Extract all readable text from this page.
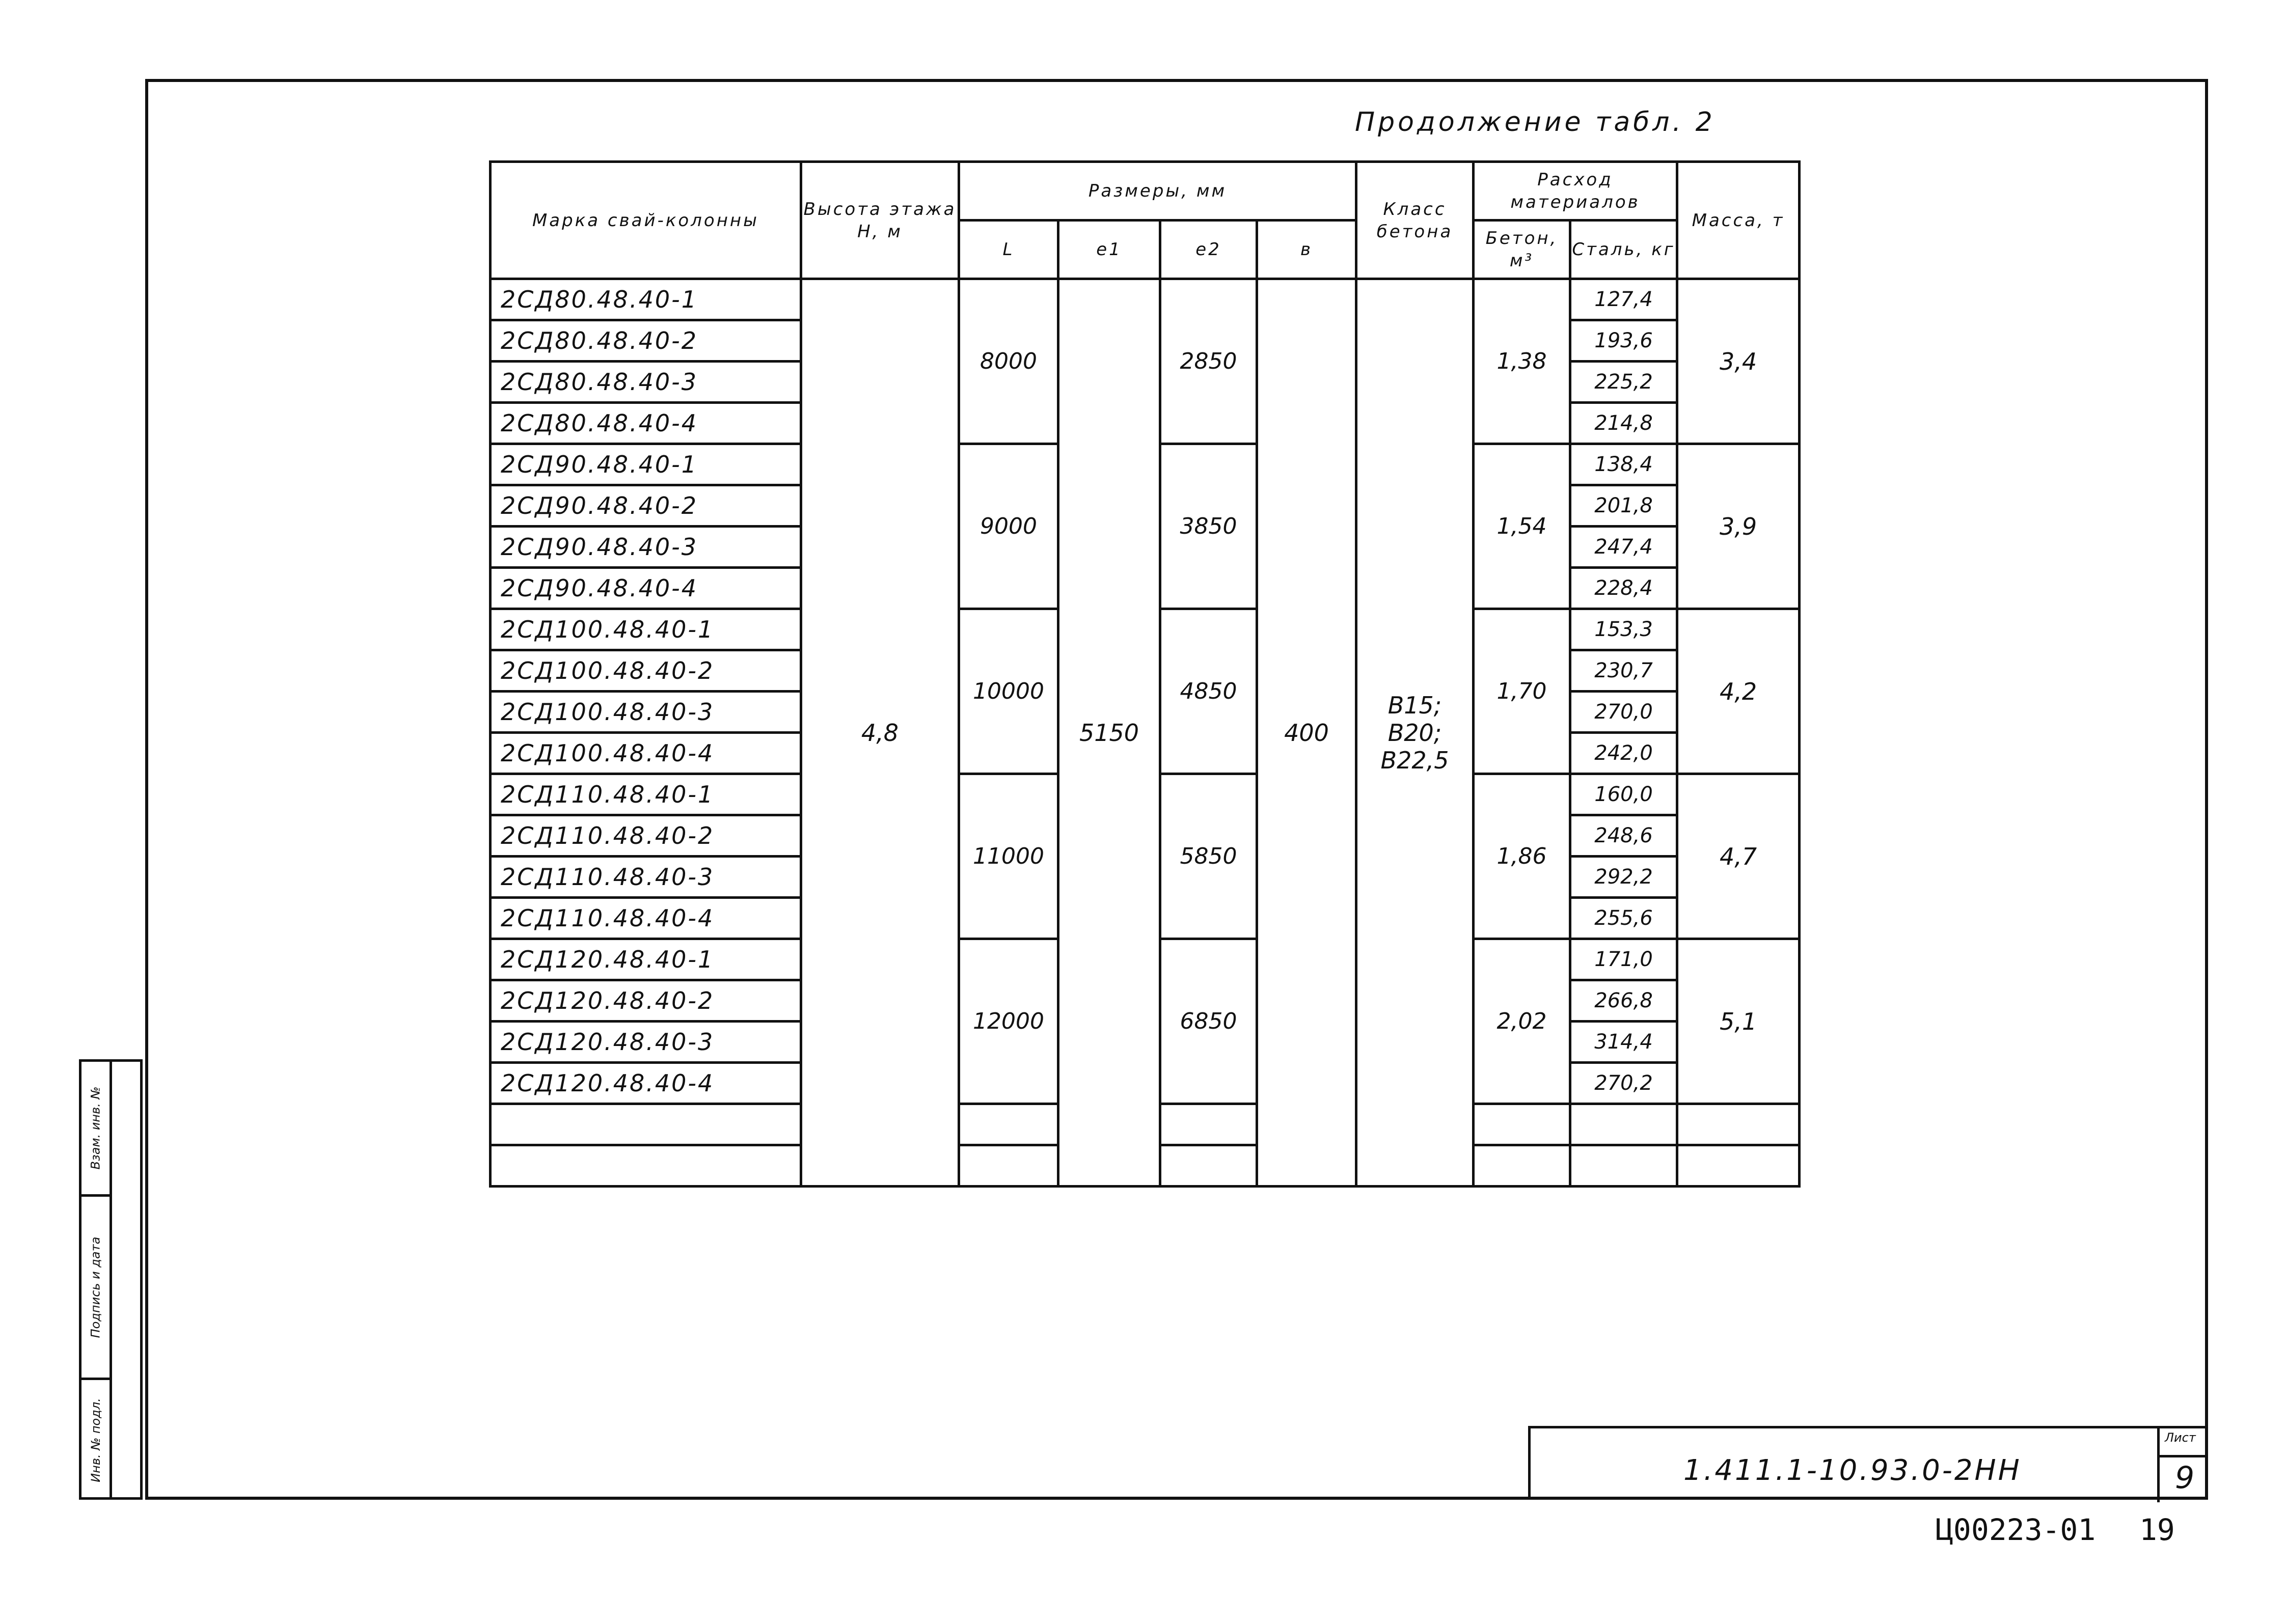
Продолжение табл. 2
Марка свай-колонны	Высота этажа Н, м	Размеры, мм				Класс бетона	Расход материалов		Масса, т
		L	e1	e2	в		Бетон, м³	Сталь, кг	
2СД80.48.40-1	4,8	8000	5150	2850	400	В15; В20; В22,5	1,38	127,4	3,4
2СД80.48.40-2								193,6	
2СД80.48.40-3								225,2	
2СД80.48.40-4								214,8	
2СД90.48.40-1		9000		3850			1,54	138,4	3,9
2СД90.48.40-2								201,8	
2СД90.48.40-3								247,4	
2СД90.48.40-4								228,4	
2СД100.48.40-1		10000		4850			1,70	153,3	4,2
2СД100.48.40-2								230,7	
2СД100.48.40-3								270,0	
2СД100.48.40-4								242,0	
2СД110.48.40-1		11000		5850			1,86	160,0	4,7
2СД110.48.40-2								248,6	
2СД110.48.40-3								292,2	
2СД110.48.40-4								255,6	
2СД120.48.40-1		12000		6850			2,02	171,0	5,1
2СД120.48.40-2								266,8	
2СД120.48.40-3								314,4	
2СД120.48.40-4								270,2	

Взам. инв. №
Подпись и дата
Инв. № подл.	1.411.1-10.93.0-2НН
Лист
9
Ц00223-01 19
